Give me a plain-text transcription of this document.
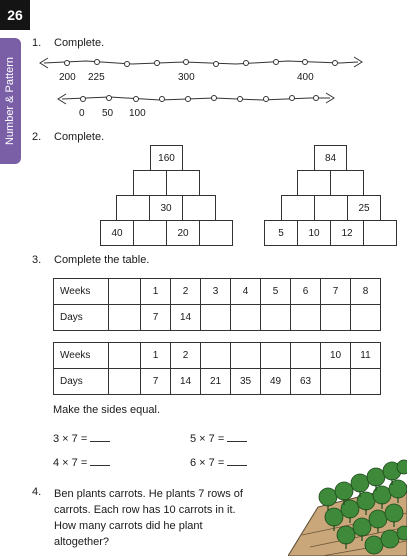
26
Number & Pattern
1. Complete.
200 225	300	400
0 50 100
2. Complete.
160
30
40	20
84
25
5	10	12
3. Complete the table.
Weeks		1	2	3	4	5	6	7	8
Days		7	14						
Weeks		1	2					10	11
Days		7	14	21	35	49	63		
Make the sides equal.
3 × 7 =	5 × 7 =
4 × 7 =	6 × 7 =
4. Ben plants carrots. He plants 7 rows of
carrots. Each row has 10 carrots in it.
How many carrots did he plant
altogether?
